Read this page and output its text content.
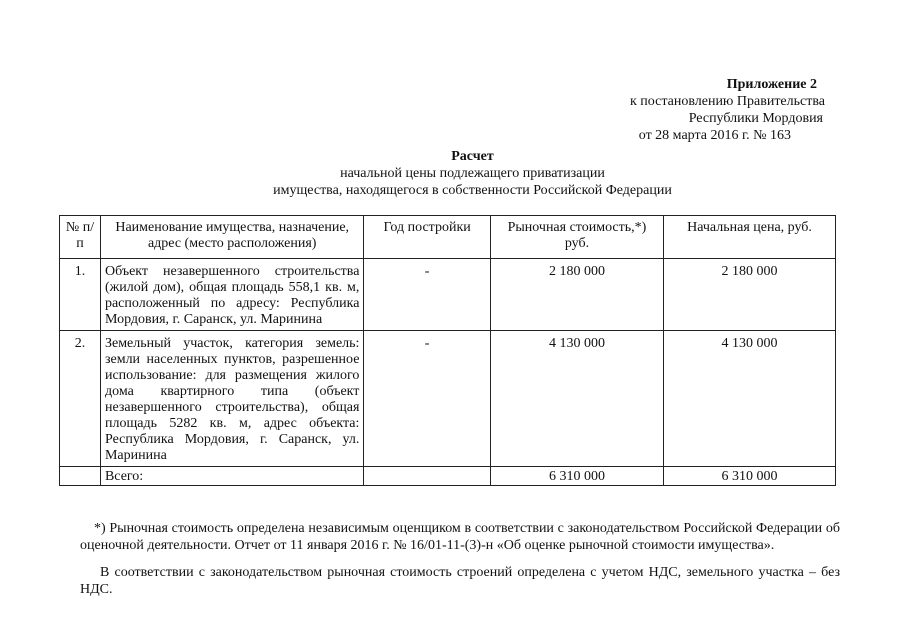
Приложение 2
к постановлению Правительства
Республики Мордовия
от 28 марта 2016 г. № 163
Расчет
начальной цены подлежащего приватизации
имущества, находящегося в собственности Российской Федерации
№ п/п	Наименование имущества, назначение, адрес (место расположения)	Год постройки	Рыночная стоимость,*) руб.	Начальная цена, руб.
1.	Объект незавершенного строительства (жилой дом), общая площадь 558,1 кв. м, расположенный по адресу: Республика Мордовия, г. Саранск, ул. Маринина	-	2 180 000	2 180 000
2.	Земельный участок, категория земель: земли населенных пунктов, разрешенное использование: для размещения жилого дома квартирного типа (объект незавершенного строительства), общая площадь 5282 кв. м, адрес объекта: Республика Мордовия, г. Саранск, ул. Маринина	-	4 130 000	4 130 000
	Всего:		6 310 000	6 310 000

*) Рыночная стоимость определена независимым оценщиком в соответствии с законодательством Российской Федерации об оценочной деятельности. Отчет от 11 января 2016 г. № 16/01-11-(3)-н «Об оценке рыночной стоимости имущества».

В соответствии с законодательством рыночная стоимость строений определена с учетом НДС, земельного участка – без НДС.
